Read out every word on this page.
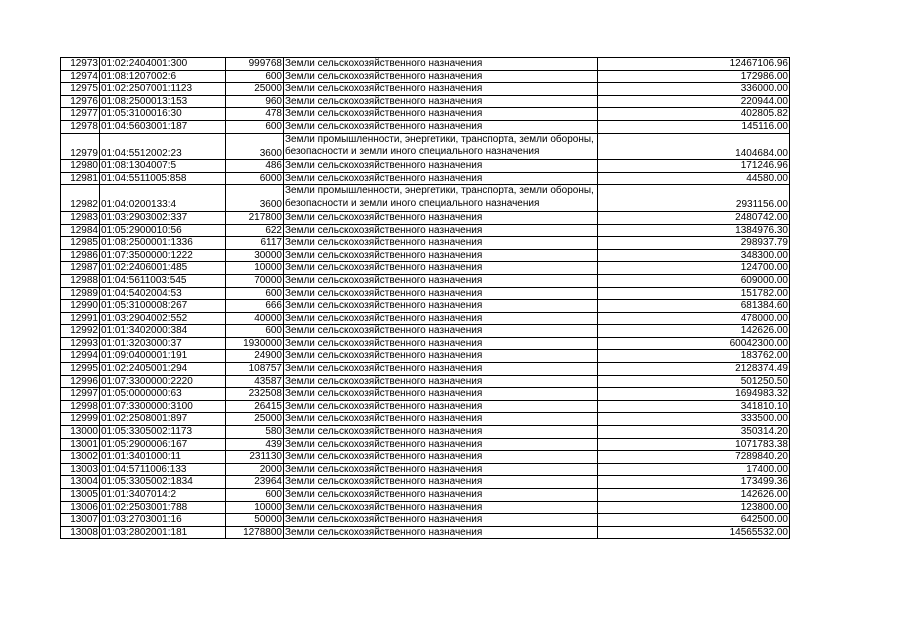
12973	01:02:2404001:300	999768	Земли сельскохозяйственного назначения	12467106.96
12974	01:08:1207002:6	600	Земли сельскохозяйственного назначения	172986.00
12975	01:02:2507001:1123	25000	Земли сельскохозяйственного назначения	336000.00
12976	01:08:2500013:153	960	Земли сельскохозяйственного назначения	220944.00
12977	01:05:3100016:30	478	Земли сельскохозяйственного назначения	402805.82
12978	01:04:5603001:187	600	Земли сельскохозяйственного назначения	145116.00
12979	01:04:5512002:23	3600	Земли промышленности, энергетики, транспорта, земли обороны, безопасности и земли иного специального назначения	1404684.00
12980	01:08:1304007:5	486	Земли сельскохозяйственного назначения	171246.96
12981	01:04:5511005:858	6000	Земли сельскохозяйственного назначения	44580.00
12982	01:04:0200133:4	3600	Земли промышленности, энергетики, транспорта, земли обороны, безопасности и земли иного специального назначения	2931156.00
12983	01:03:2903002:337	217800	Земли сельскохозяйственного назначения	2480742.00
12984	01:05:2900010:56	622	Земли сельскохозяйственного назначения	1384976.30
12985	01:08:2500001:1336	6117	Земли сельскохозяйственного назначения	298937.79
12986	01:07:3500000:1222	30000	Земли сельскохозяйственного назначения	348300.00
12987	01:02:2406001:485	10000	Земли сельскохозяйственного назначения	124700.00
12988	01:04:5611003:545	70000	Земли сельскохозяйственного назначения	609000.00
12989	01:04:5402004:53	600	Земли сельскохозяйственного назначения	151782.00
12990	01:05:3100008:267	666	Земли сельскохозяйственного назначения	681384.60
12991	01:03:2904002:552	40000	Земли сельскохозяйственного назначения	478000.00
12992	01:01:3402000:384	600	Земли сельскохозяйственного назначения	142626.00
12993	01:01:3203000:37	1930000	Земли сельскохозяйственного назначения	60042300.00
12994	01:09:0400001:191	24900	Земли сельскохозяйственного назначения	183762.00
12995	01:02:2405001:294	108757	Земли сельскохозяйственного назначения	2128374.49
12996	01:07:3300000:2220	43587	Земли сельскохозяйственного назначения	501250.50
12997	01:05:0000000:63	232508	Земли сельскохозяйственного назначения	1694983.32
12998	01:07:3300000:3100	26415	Земли сельскохозяйственного назначения	341810.10
12999	01:02:2508001:897	25000	Земли сельскохозяйственного назначения	333500.00
13000	01:05:3305002:1173	580	Земли сельскохозяйственного назначения	350314.20
13001	01:05:2900006:167	439	Земли сельскохозяйственного назначения	1071783.38
13002	01:01:3401000:11	231130	Земли сельскохозяйственного назначения	7289840.20
13003	01:04:5711006:133	2000	Земли сельскохозяйственного назначения	17400.00
13004	01:05:3305002:1834	23964	Земли сельскохозяйственного назначения	173499.36
13005	01:01:3407014:2	600	Земли сельскохозяйственного назначения	142626.00
13006	01:02:2503001:788	10000	Земли сельскохозяйственного назначения	123800.00
13007	01:03:2703001:16	50000	Земли сельскохозяйственного назначения	642500.00
13008	01:03:2802001:181	1278800	Земли сельскохозяйственного назначения	14565532.00
